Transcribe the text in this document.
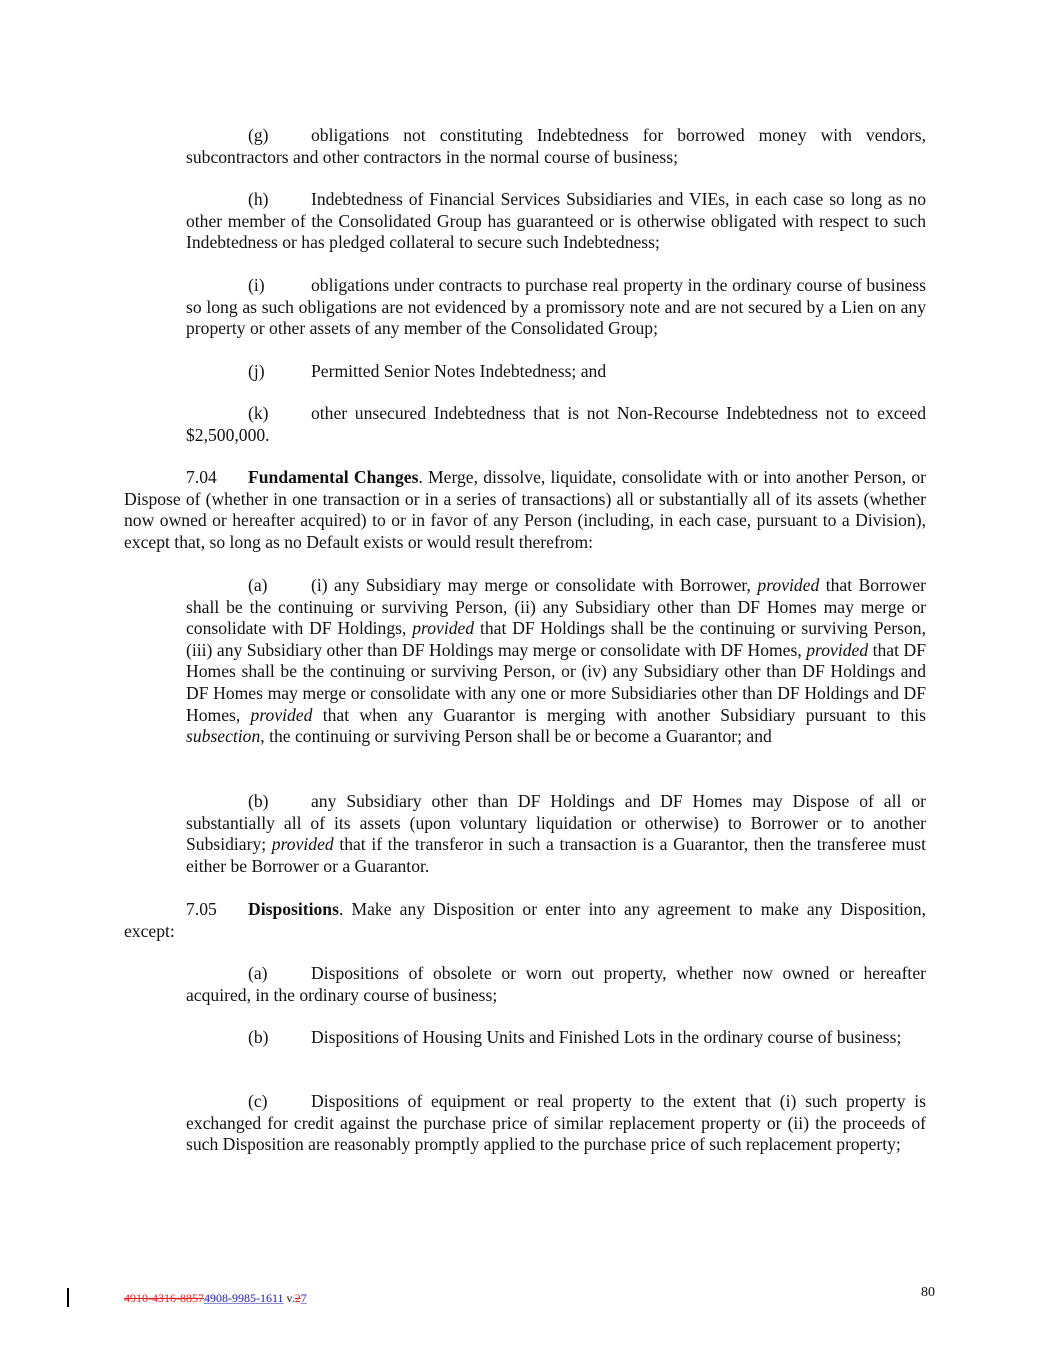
(g) obligations not constituting Indebtedness for borrowed money with vendors, subcontractors and other contractors in the normal course of business;

(h) Indebtedness of Financial Services Subsidiaries and VIEs, in each case so long as no other member of the Consolidated Group has guaranteed or is otherwise obligated with respect to such Indebtedness or has pledged collateral to secure such Indebtedness;

(i)	obligations under contracts to purchase real property in the ordinary course of business so long as such obligations are not evidenced by a promissory note and are not secured by a Lien on any property or other assets of any member of the Consolidated Group;

(j)	Permitted Senior Notes Indebtedness; and

(k) other unsecured Indebtedness that is not Non-Recourse Indebtedness not to exceed $2,500,000.

7.04 Fundamental Changes. Merge, dissolve, liquidate, consolidate with or into another Person, or Dispose of (whether in one transaction or in a series of transactions) all or substantially all of its assets (whether now owned or hereafter acquired) to or in favor of any Person (including, in each case, pursuant to a Division), except that, so long as no Default exists or would result therefrom:

(a) (i) any Subsidiary may merge or consolidate with Borrower, provided that Borrower shall be the continuing or surviving Person, (ii) any Subsidiary other than DF Homes may merge or consolidate with DF Holdings, provided that DF Holdings shall be the continuing or surviving Person, (iii) any Subsidiary other than DF Holdings may merge or consolidate with DF Homes, provided that DF Homes shall be the continuing or surviving Person, or (iv) any Subsidiary other than DF Holdings and DF Homes may merge or consolidate with any one or more Subsidiaries other than DF Holdings and DF Homes, provided that when any Guarantor is merging with another Subsidiary pursuant to this subsection, the continuing or surviving Person shall be or become a Guarantor; and

(b) any Subsidiary other than DF Holdings and DF Homes may Dispose of all or substantially all of its assets (upon voluntary liquidation or otherwise) to Borrower or to another Subsidiary; provided that if the transferor in such a transaction is a Guarantor, then the transferee must either be Borrower or a Guarantor.

7.05 Dispositions. Make any Disposition or enter into any agreement to make any Disposition, except:

(a) Dispositions of obsolete or worn out property, whether now owned or hereafter acquired, in the ordinary course of business;

(b) Dispositions of Housing Units and Finished Lots in the ordinary course of business;

(c) Dispositions of equipment or real property to the extent that (i) such property is exchanged for credit against the purchase price of similar replacement property or (ii) the proceeds of such Disposition are reasonably promptly applied to the purchase price of such replacement property;

4910-4316-88574908-9985-1611 v.27	80
